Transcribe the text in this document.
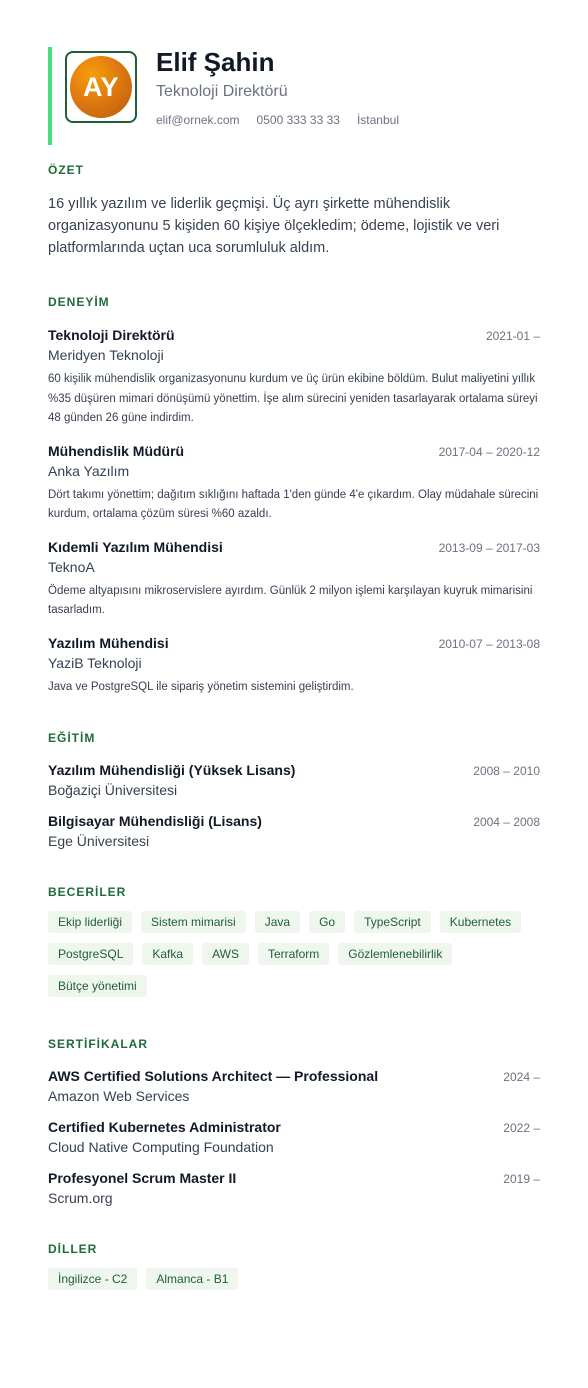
AY
Elif Şahin
Teknoloji Direktörü
elif@ornek.com 0500 333 33 33 İstanbul
ÖZET
16 yıllık yazılım ve liderlik geçmişi. Üç ayrı şirkette mühendislik organizasyonunu 5 kişiden 60 kişiye ölçekledim; ödeme, lojistik ve veri platformlarında uçtan uca sorumluluk aldım.
DENEYİM
Teknoloji Direktörü	2021-01 –
Meridyen Teknoloji
60 kişilik mühendislik organizasyonunu kurdum ve üç ürün ekibine böldüm. Bulut maliyetini yıllık %35 düşüren mimari dönüşümü yönettim. İşe alım sürecini yeniden tasarlayarak ortalama süreyi 48 günden 26 güne indirdim.
Mühendislik Müdürü	2017-04 – 2020-12
Anka Yazılım
Dört takımı yönettim; dağıtım sıklığını haftada 1'den günde 4'e çıkardım. Olay müdahale sürecini kurdum, ortalama çözüm süresi %60 azaldı.
Kıdemli Yazılım Mühendisi	2013-09 – 2017-03
TeknoA
Ödeme altyapısını mikroservislere ayırdım. Günlük 2 milyon işlemi karşılayan kuyruk mimarisini tasarladım.
Yazılım Mühendisi	2010-07 – 2013-08
YaziB Teknoloji
Java ve PostgreSQL ile sipariş yönetim sistemini geliştirdim.
EĞİTİM
Yazılım Mühendisliği (Yüksek Lisans)	2008 – 2010
Boğaziçi Üniversitesi
Bilgisayar Mühendisliği (Lisans)	2004 – 2008
Ege Üniversitesi
BECERİLER
Ekip liderliği	Sistem mimarisi	Java	Go	TypeScript	Kubernetes
PostgreSQL	Kafka	AWS	Terraform	Gözlemlenebilirlik
Bütçe yönetimi
SERTİFİKALAR
AWS Certified Solutions Architect — Professional	2024 –
Amazon Web Services
Certified Kubernetes Administrator	2022 –
Cloud Native Computing Foundation
Profesyonel Scrum Master II	2019 –
Scrum.org
DİLLER
İngilizce - C2	Almanca - B1
